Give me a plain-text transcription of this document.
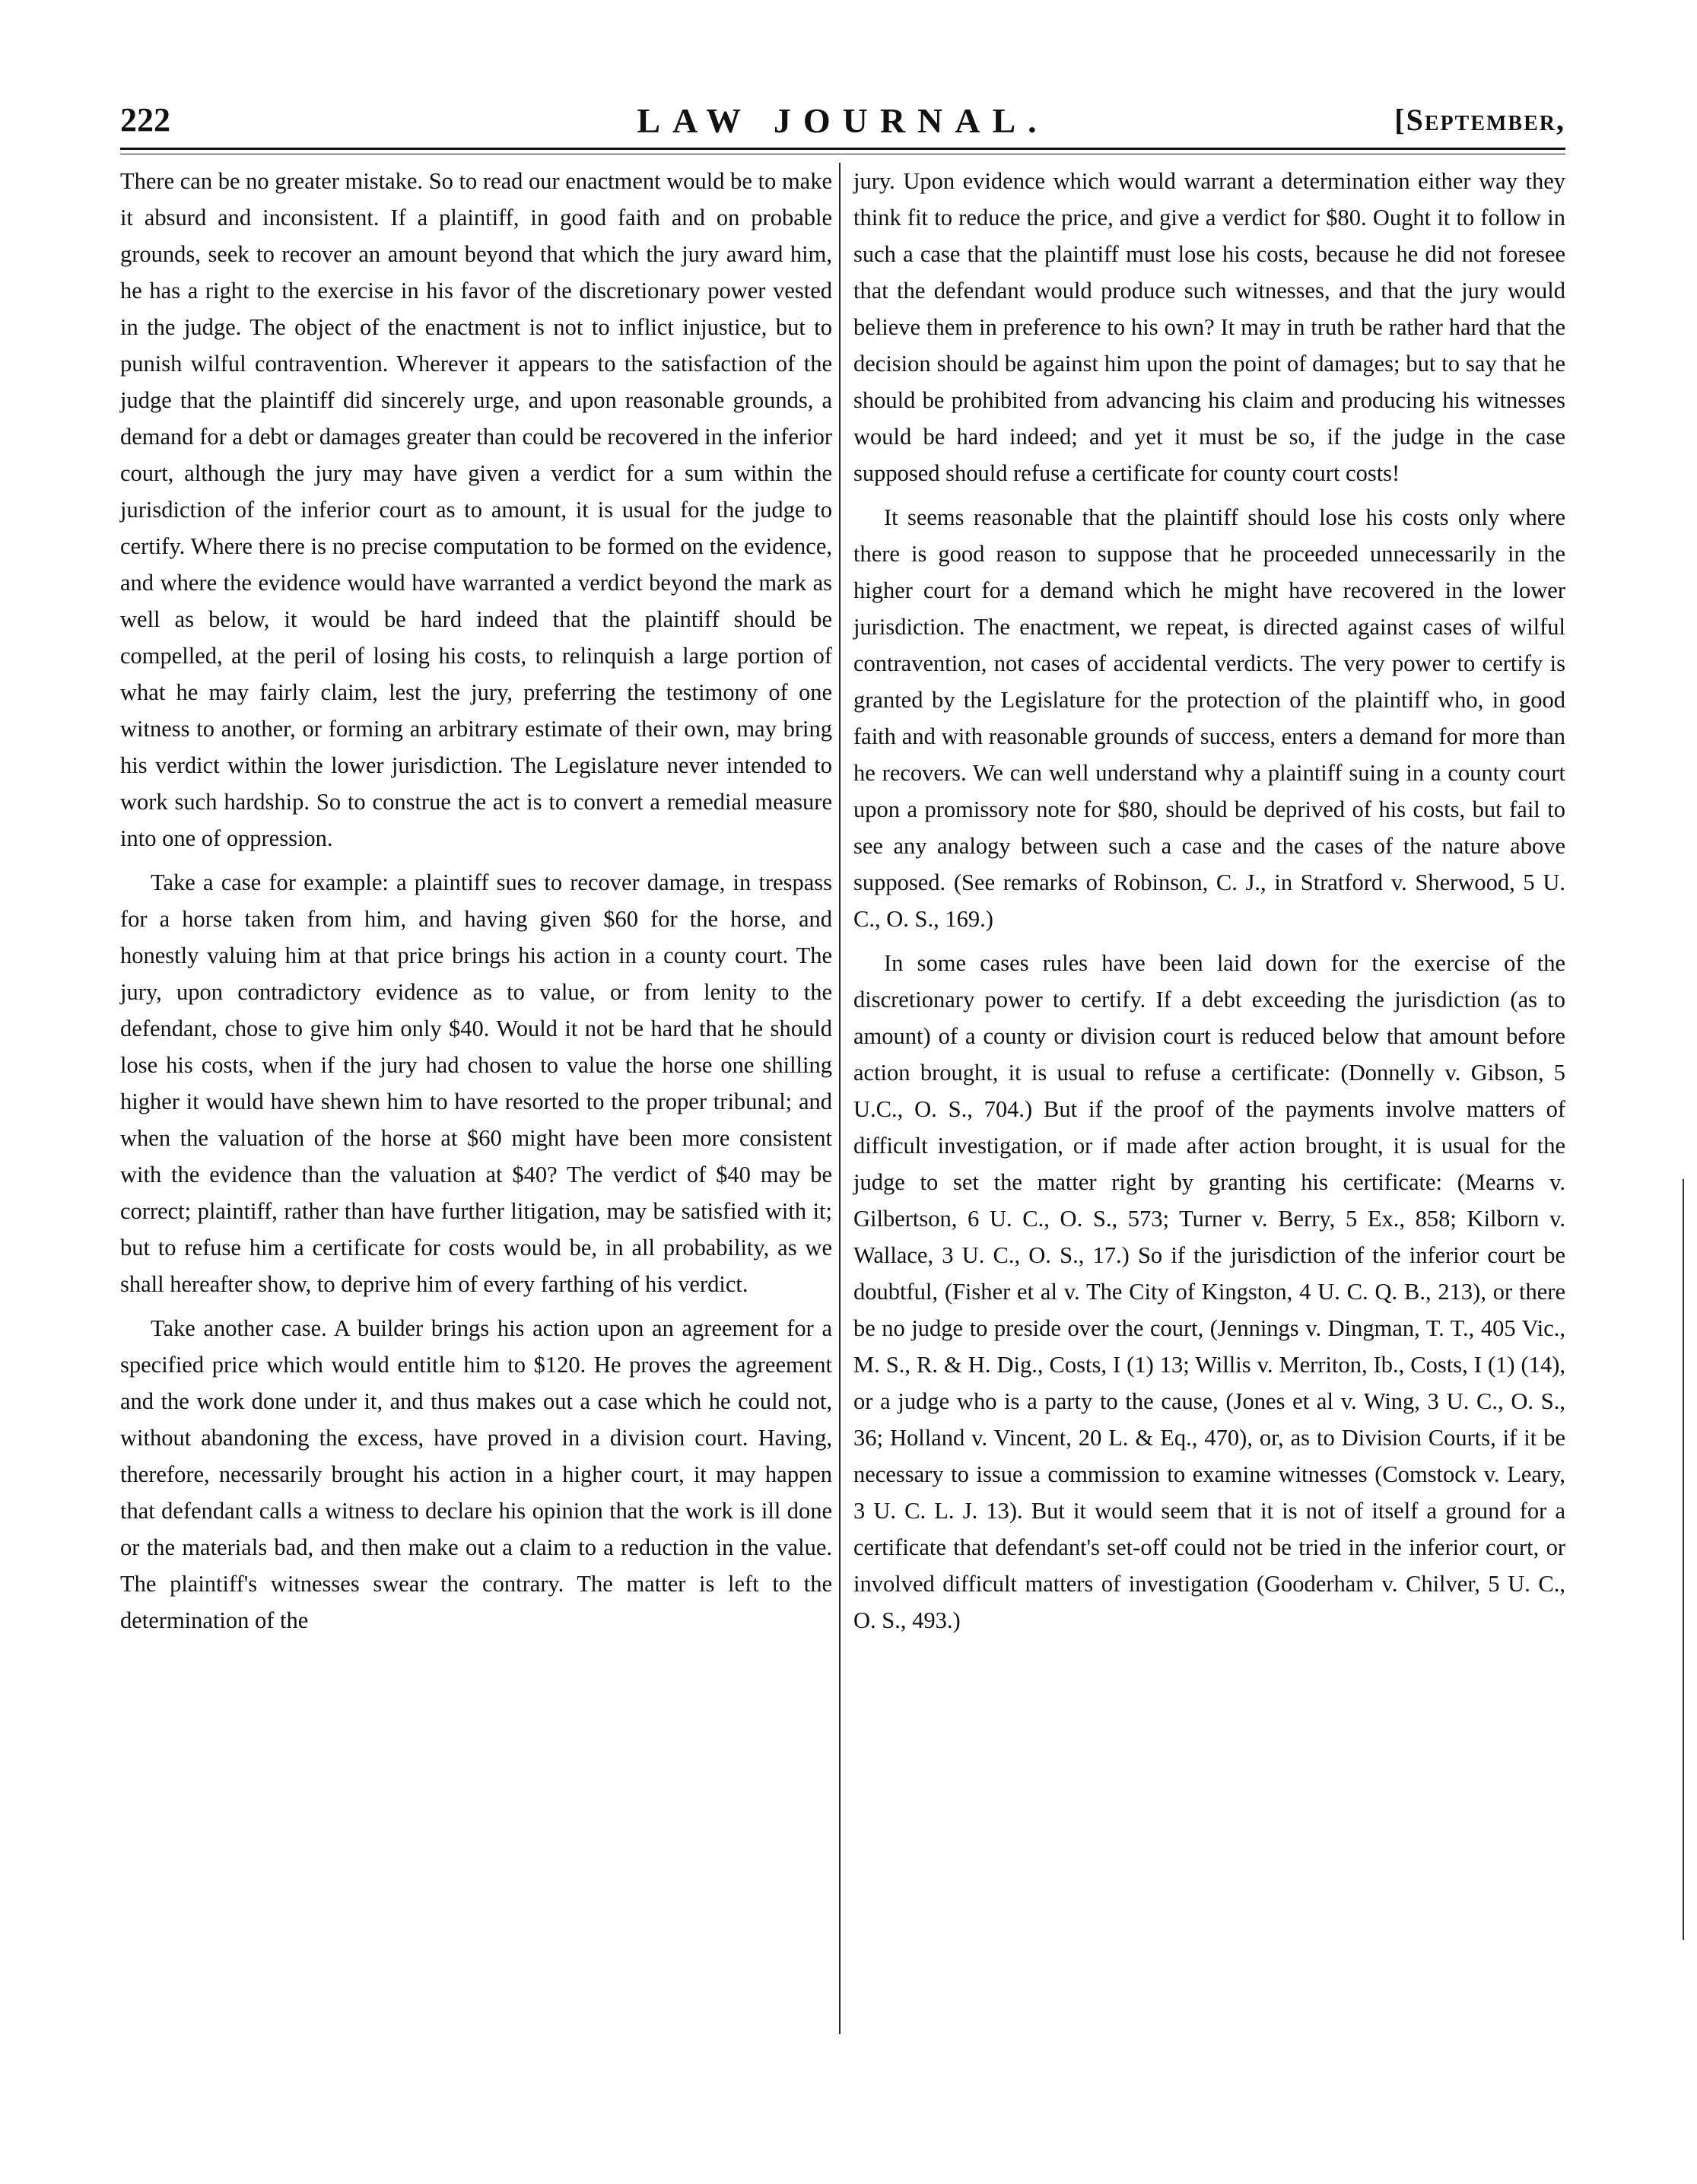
222	LAW JOURNAL.	[September,

There can be no greater mistake. So to read our enactment would be to make it absurd and inconsistent. If a plaintiff, in good faith and on probable grounds, seek to recover an amount beyond that which the jury award him, he has a right to the exercise in his favor of the discretionary power vested in the judge. The object of the enactment is not to inflict injustice, but to punish wilful contravention. Wherever it appears to the satisfaction of the judge that the plaintiff did sincerely urge, and upon reasonable grounds, a demand for a debt or damages greater than could be recovered in the inferior court, although the jury may have given a verdict for a sum within the jurisdiction of the inferior court as to amount, it is usual for the judge to certify. Where there is no precise computation to be formed on the evidence, and where the evidence would have warranted a verdict beyond the mark as well as below, it would be hard indeed that the plaintiff should be compelled, at the peril of losing his costs, to relinquish a large portion of what he may fairly claim, lest the jury, preferring the testimony of one witness to another, or forming an arbitrary estimate of their own, may bring his verdict within the lower jurisdiction. The Legislature never intended to work such hardship. So to construe the act is to convert a remedial measure into one of oppression.

Take a case for example: a plaintiff sues to recover damage, in trespass for a horse taken from him, and having given $60 for the horse, and honestly valuing him at that price brings his action in a county court. The jury, upon contradictory evidence as to value, or from lenity to the defendant, chose to give him only $40. Would it not be hard that he should lose his costs, when if the jury had chosen to value the horse one shilling higher it would have shewn him to have resorted to the proper tribunal; and when the valuation of the horse at $60 might have been more consistent with the evidence than the valuation at $40? The verdict of $40 may be correct; plaintiff, rather than have further litigation, may be satisfied with it; but to refuse him a certificate for costs would be, in all probability, as we shall hereafter show, to deprive him of every farthing of his verdict.

Take another case. A builder brings his action upon an agreement for a specified price which would entitle him to $120. He proves the agreement and the work done under it, and thus makes out a case which he could not, without abandoning the excess, have proved in a division court. Having, therefore, necessarily brought his action in a higher court, it may happen that defendant calls a witness to declare his opinion that the work is ill done or the materials bad, and then make out a claim to a reduction in the value. The plaintiff's witnesses swear the contrary. The matter is left to the determination of the

jury. Upon evidence which would warrant a determination either way they think fit to reduce the price, and give a verdict for $80. Ought it to follow in such a case that the plaintiff must lose his costs, because he did not foresee that the defendant would produce such witnesses, and that the jury would believe them in preference to his own? It may in truth be rather hard that the decision should be against him upon the point of damages; but to say that he should be prohibited from advancing his claim and producing his witnesses would be hard indeed; and yet it must be so, if the judge in the case supposed should refuse a certificate for county court costs!

It seems reasonable that the plaintiff should lose his costs only where there is good reason to suppose that he proceeded unnecessarily in the higher court for a demand which he might have recovered in the lower jurisdiction. The enactment, we repeat, is directed against cases of wilful contravention, not cases of accidental verdicts. The very power to certify is granted by the Legislature for the protection of the plaintiff who, in good faith and with reasonable grounds of success, enters a demand for more than he recovers. We can well understand why a plaintiff suing in a county court upon a promissory note for $80, should be deprived of his costs, but fail to see any analogy between such a case and the cases of the nature above supposed. (See remarks of Robinson, C. J., in Stratford v. Sherwood, 5 U. C., O. S., 169.)

In some cases rules have been laid down for the exercise of the discretionary power to certify. If a debt exceeding the jurisdiction (as to amount) of a county or division court is reduced below that amount before action brought, it is usual to refuse a certificate: (Donnelly v. Gibson, 5 U.C., O. S., 704.) But if the proof of the payments involve matters of difficult investigation, or if made after action brought, it is usual for the judge to set the matter right by granting his certificate: (Mearns v. Gilbertson, 6 U. C., O. S., 573; Turner v. Berry, 5 Ex., 858; Kilborn v. Wallace, 3 U. C., O. S., 17.) So if the jurisdiction of the inferior court be doubtful, (Fisher et al v. The City of Kingston, 4 U. C. Q. B., 213), or there be no judge to preside over the court, (Jennings v. Dingman, T. T., 405 Vic., M. S., R. & H. Dig., Costs, I (1) 13; Willis v. Merriton, Ib., Costs, I (1) (14), or a judge who is a party to the cause, (Jones et al v. Wing, 3 U. C., O. S., 36; Holland v. Vincent, 20 L. & Eq., 470), or, as to Division Courts, if it be necessary to issue a commission to examine witnesses (Comstock v. Leary, 3 U. C. L. J. 13). But it would seem that it is not of itself a ground for a certificate that defendant's set-off could not be tried in the inferior court, or involved difficult matters of investigation (Gooderham v. Chilver, 5 U. C., O. S., 493.)
